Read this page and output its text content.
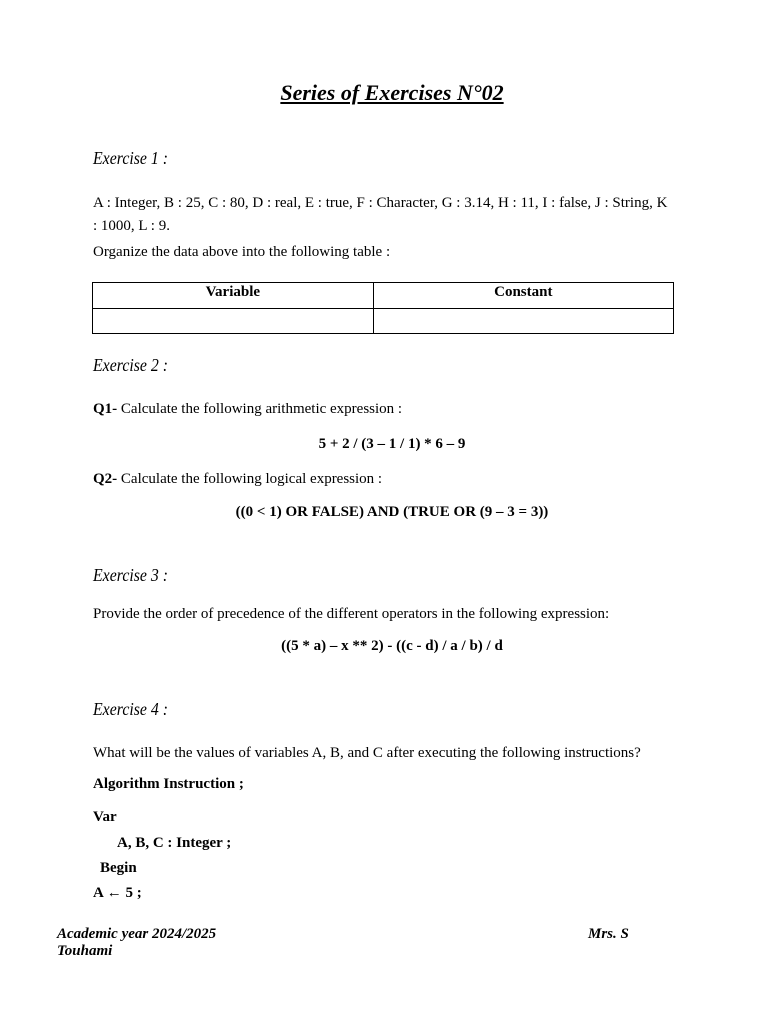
Series of Exercises N°02
Exercise 1 :
A : Integer, B : 25, C : 80, D : real, E : true, F : Character, G : 3.14, H : 11, I : false, J : String, K
: 1000, L : 9.
Organize the data above into the following table :
Variable	Constant

Exercise 2 :
Q1- Calculate the following arithmetic expression :
5 + 2 / (3 – 1 / 1) * 6 – 9
Q2- Calculate the following logical expression :
((0 < 1) OR FALSE) AND (TRUE OR (9 – 3 = 3))
Exercise 3 :
Provide the order of precedence of the different operators in the following expression:
((5 * a) – x ** 2) - ((c - d) / a / b) / d
Exercise 4 :
What will be the values of variables A, B, and C after executing the following instructions?
Algorithm Instruction ;
Var
A, B, C : Integer ;
Begin
A ← 5 ;
Academic year 2024/2025	Mrs. S
Touhami
